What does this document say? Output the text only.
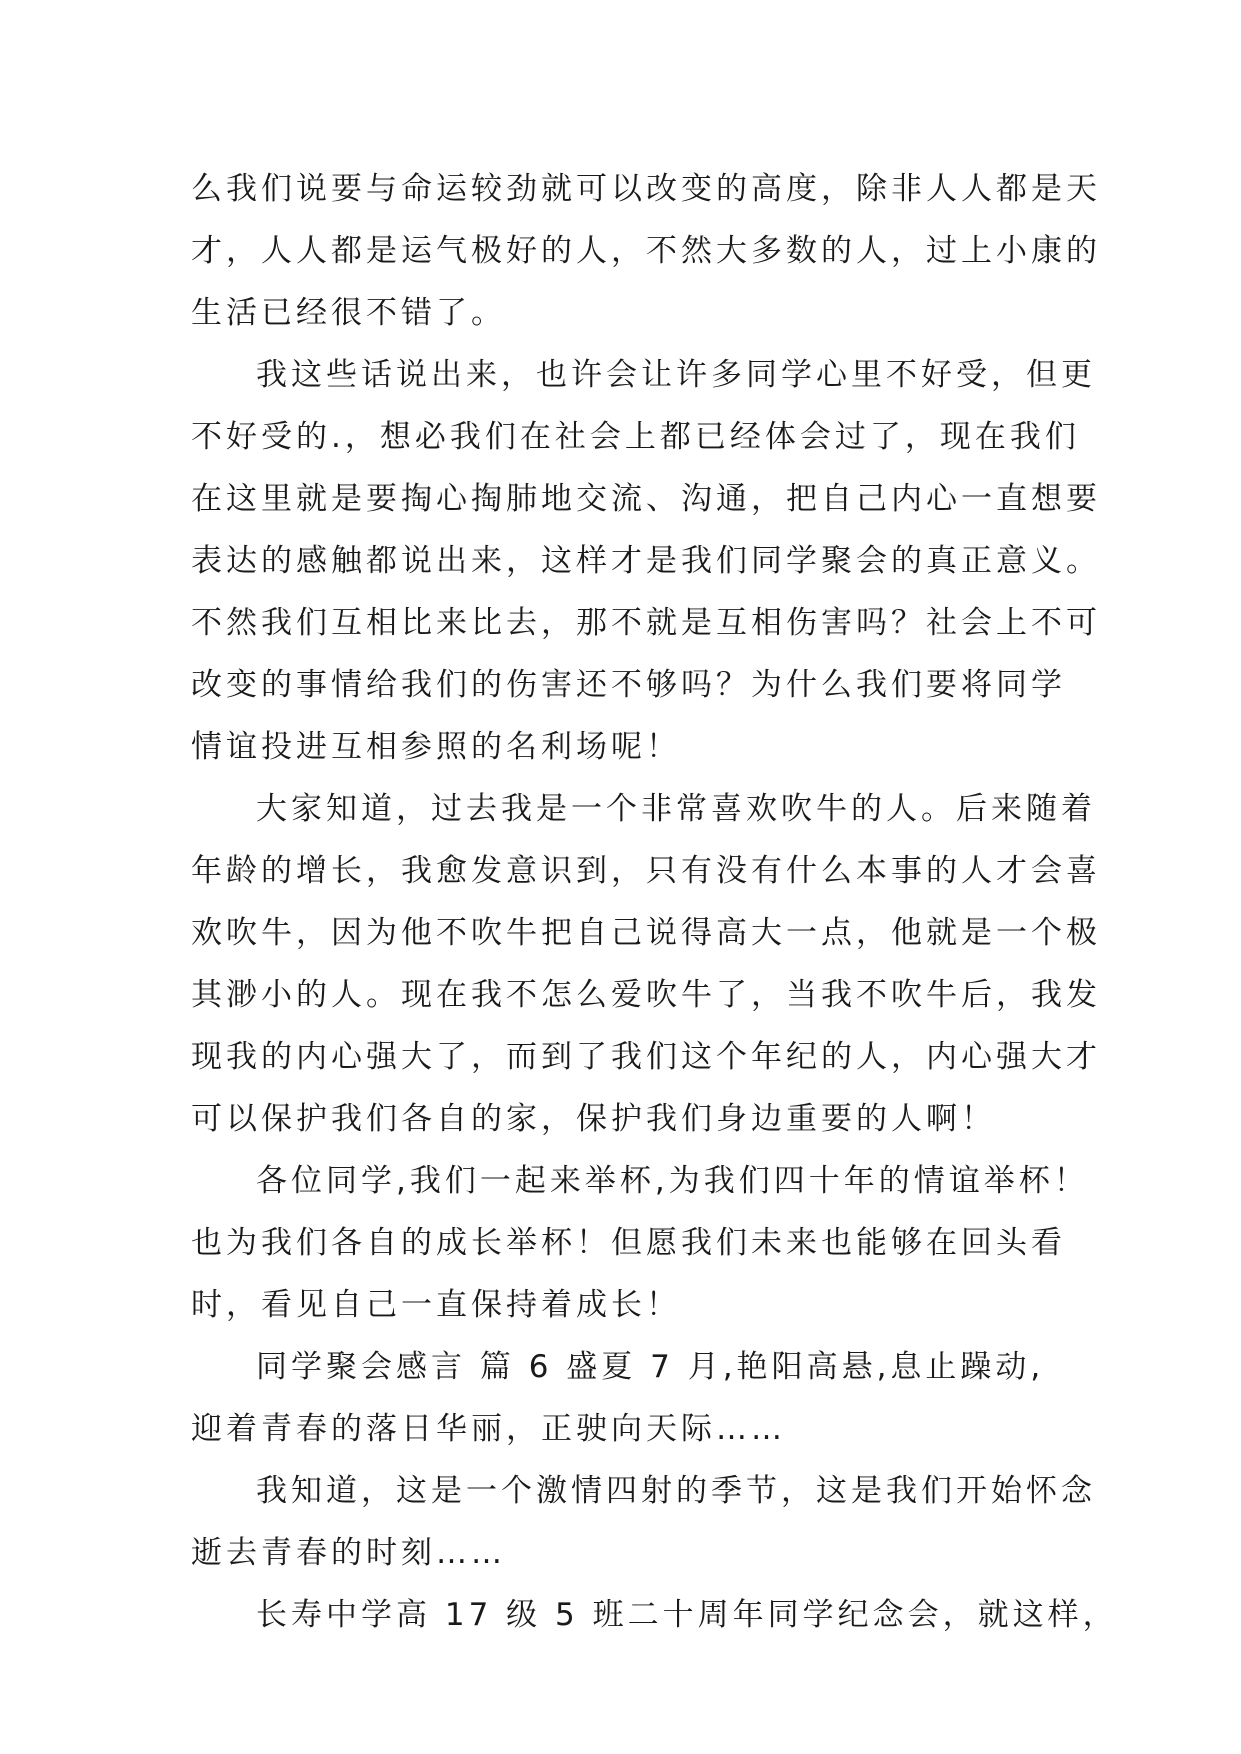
么我们说要与命运较劲就可以改变的高度，除非人人都是天
才，人人都是运气极好的人，不然大多数的人，过上小康的
生活已经很不错了。
我这些话说出来，也许会让许多同学心里不好受，但更
不好受的.，想必我们在社会上都已经体会过了，现在我们
在这里就是要掏心掏肺地交流、沟通，把自己内心一直想要
表达的感触都说出来，这样才是我们同学聚会的真正意义。
不然我们互相比来比去，那不就是互相伤害吗？社会上不可
改变的事情给我们的伤害还不够吗？为什么我们要将同学
情谊投进互相参照的名利场呢！
大家知道，过去我是一个非常喜欢吹牛的人。后来随着
年龄的增长，我愈发意识到，只有没有什么本事的人才会喜
欢吹牛，因为他不吹牛把自己说得高大一点，他就是一个极
其渺小的人。现在我不怎么爱吹牛了，当我不吹牛后，我发
现我的内心强大了，而到了我们这个年纪的人，内心强大才
可以保护我们各自的家，保护我们身边重要的人啊！
各位同学,我们一起来举杯,为我们四十年的情谊举杯！
也为我们各自的成长举杯！但愿我们未来也能够在回头看
时，看见自己一直保持着成长！
同学聚会感言 篇 6 盛夏 7 月,艳阳高悬,息止躁动,
迎着青春的落日华丽，正驶向天际……
我知道，这是一个激情四射的季节，这是我们开始怀念
逝去青春的时刻……
长寿中学高 17 级 5 班二十周年同学纪念会，就这样，
